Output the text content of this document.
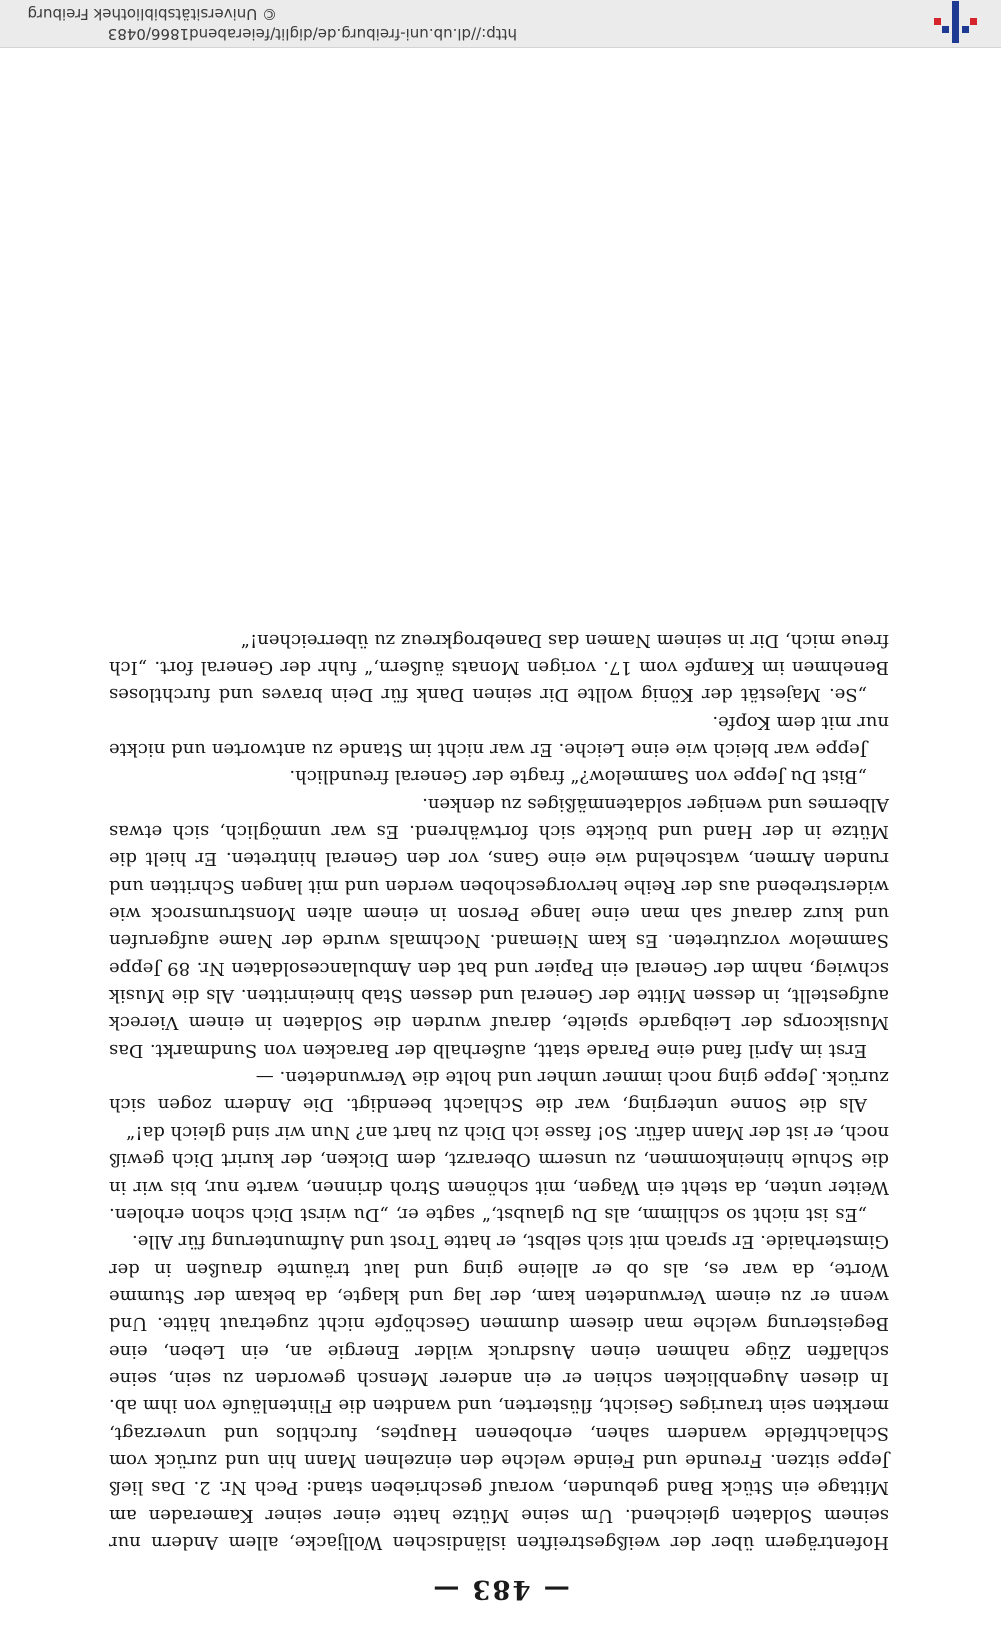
— 483 —

Hofenträgern über der weißgestreiften isländischen Wolljacke, allem Andern nur seinem Soldaten gleichend. Um seine Mütze hatte einer seiner Kameraden am Mittage ein Stück Band gebunden, worauf geschrieben stand: Pech Nr. 2. Das ließ Jeppe sitzen. Freunde und Feinde welche den einzelnen Mann hin und zurück vom Schlachtfelde wandern sahen, erhobenen Hauptes, furchtlos und unverzagt, merkten sein trauriges Gesicht, flüsterten, und wandten die Flintenläufe von ihm ab. In diesen Augenblicken schien er ein anderer Mensch geworden zu sein, seine schlaffen Züge nahmen einen Ausdruck wilder Energie an, ein Leben, eine Begeisterung welche man diesem dummen Geschöpfe nicht zugetraut hätte. Und wenn er zu einem Verwundeten kam, der lag und klagte, da bekam der Stumme Worte, da war es, als ob er alleine ging und laut träumte draußen in der Gimsterhaide. Er sprach mit sich selbst, er hatte Trost und Aufmunterung für Alle.

„Es ist nicht so schlimm, als Du glaubst,“ sagte er, „Du wirst Dich schon erholen. Weiter unten, da steht ein Wagen, mit schönem Stroh drinnen, warte nur, bis wir in die Schule hineinkommen, zu unserm Oberarzt, dem Dicken, der kurirt Dich gewiß noch, er ist der Mann dafür. So! fasse ich Dich zu hart an? Nun wir sind gleich da!“

Als die Sonne unterging, war die Schlacht beendigt. Die Andern zogen sich zurück. Jeppe ging noch immer umher und holte die Verwundeten. —

Erst im April fand eine Parade statt, außerhalb der Baracken von Sundmarkt. Das Musikcorps der Leibgarde spielte, darauf wurden die Soldaten in einem Viereck aufgestellt, in dessen Mitte der General und dessen Stab hineinritten. Als die Musik schwieg, nahm der General ein Papier und bat den Ambulancesoldaten Nr. 89 Jeppe Sammelow vorzutreten. Es kam Niemand. Nochmals wurde der Name aufgerufen und kurz darauf sah man eine lange Person in einem alten Monstrumsrock wie widerstrebend aus der Reihe hervorgeschoben werden und mit langen Schritten und runden Armen, watschelnd wie eine Gans, vor den General hintreten. Er hielt die Mütze in der Hand und bückte sich fortwährend. Es war unmöglich, sich etwas Albernes und weniger soldatenmäßiges zu denken.

„Bist Du Jeppe von Sammelow?“ fragte der General freundlich.

Jeppe war bleich wie eine Leiche. Er war nicht im Stande zu antworten und nickte nur mit dem Kopfe.

„Se. Majestät der König wollte Dir seinen Dank für Dein braves und furchtloses Benehmen im Kampfe vom 17. vorigen Monats äußern,“ fuhr der General fort. „Ich freue mich, Dir in seinem Namen das Danebrogkreuz zu überreichen!“

http://dl.ub.uni-freiburg.de/diglit/feierabend1866/0483
© Universitätsbibliothek Freiburg
